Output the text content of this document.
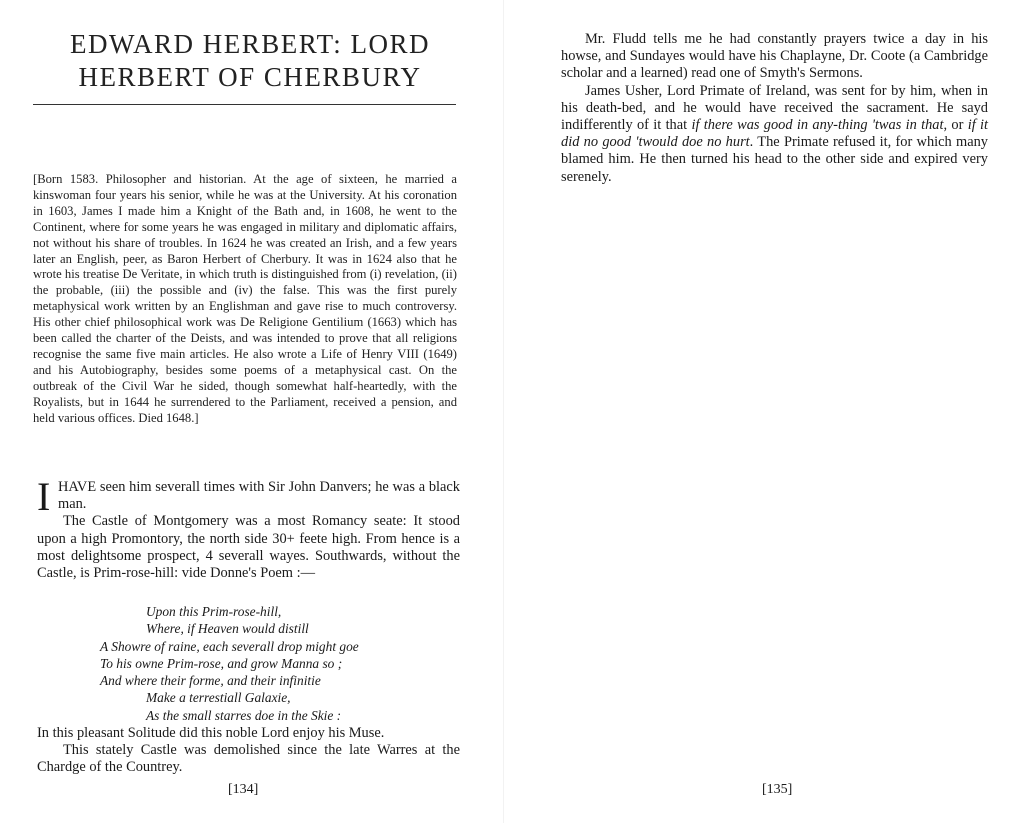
EDWARD HERBERT: LORD
HERBERT OF CHERBURY

[Born 1583. Philosopher and historian. At the age of sixteen, he married a kinswoman four years his senior, while he was at the University. At his coronation in 1603, James I made him a Knight of the Bath and, in 1608, he went to the Continent, where for some years he was engaged in military and diplomatic affairs, not without his share of troubles. In 1624 he was created an Irish, and a few years later an English, peer, as Baron Herbert of Cherbury. It was in 1624 also that he wrote his treatise De Veritate, in which truth is distinguished from (i) revelation, (ii) the probable, (iii) the possible and (iv) the false. This was the first purely metaphysical work written by an Englishman and gave rise to much controversy. His other chief philosophical work was De Religione Gentilium (1663) which has been called the charter of the Deists, and was intended to prove that all religions recognise the same five main articles. He also wrote a Life of Henry VIII (1649) and his Autobiography, besides some poems of a metaphysical cast. On the outbreak of the Civil War he sided, though somewhat half-heartedly, with the Royalists, but in 1644 he surrendered to the Parliament, received a pension, and held various offices. Died 1648.]

I HAVE seen him severall times with Sir John Danvers; he was a black man.

The Castle of Montgomery was a most Romancy seate: It stood upon a high Promontory, the north side 30+ feete high. From hence is a most delightsome prospect, 4 severall wayes. Southwards, without the Castle, is Prim-rose-hill: vide Donne's Poem :—

Upon this Prim-rose-hill,
Where, if Heaven would distill
A Showre of raine, each severall drop might goe
To his owne Prim-rose, and grow Manna so ;
And where their forme, and their infinitie
Make a terrestiall Galaxie,
As the small starres doe in the Skie :

In this pleasant Solitude did this noble Lord enjoy his Muse.

This stately Castle was demolished since the late Warres at the Chardge of the Countrey.

[134]

Mr. Fludd tells me he had constantly prayers twice a day in his howse, and Sundayes would have his Chaplayne, Dr. Coote (a Cambridge scholar and a learned) read one of Smyth's Sermons.

James Usher, Lord Primate of Ireland, was sent for by him, when in his death-bed, and he would have received the sacrament. He sayd indifferently of it that if there was good in any-thing 'twas in that, or if it did no good 'twould doe no hurt. The Primate refused it, for which many blamed him. He then turned his head to the other side and expired very serenely.

[135]
